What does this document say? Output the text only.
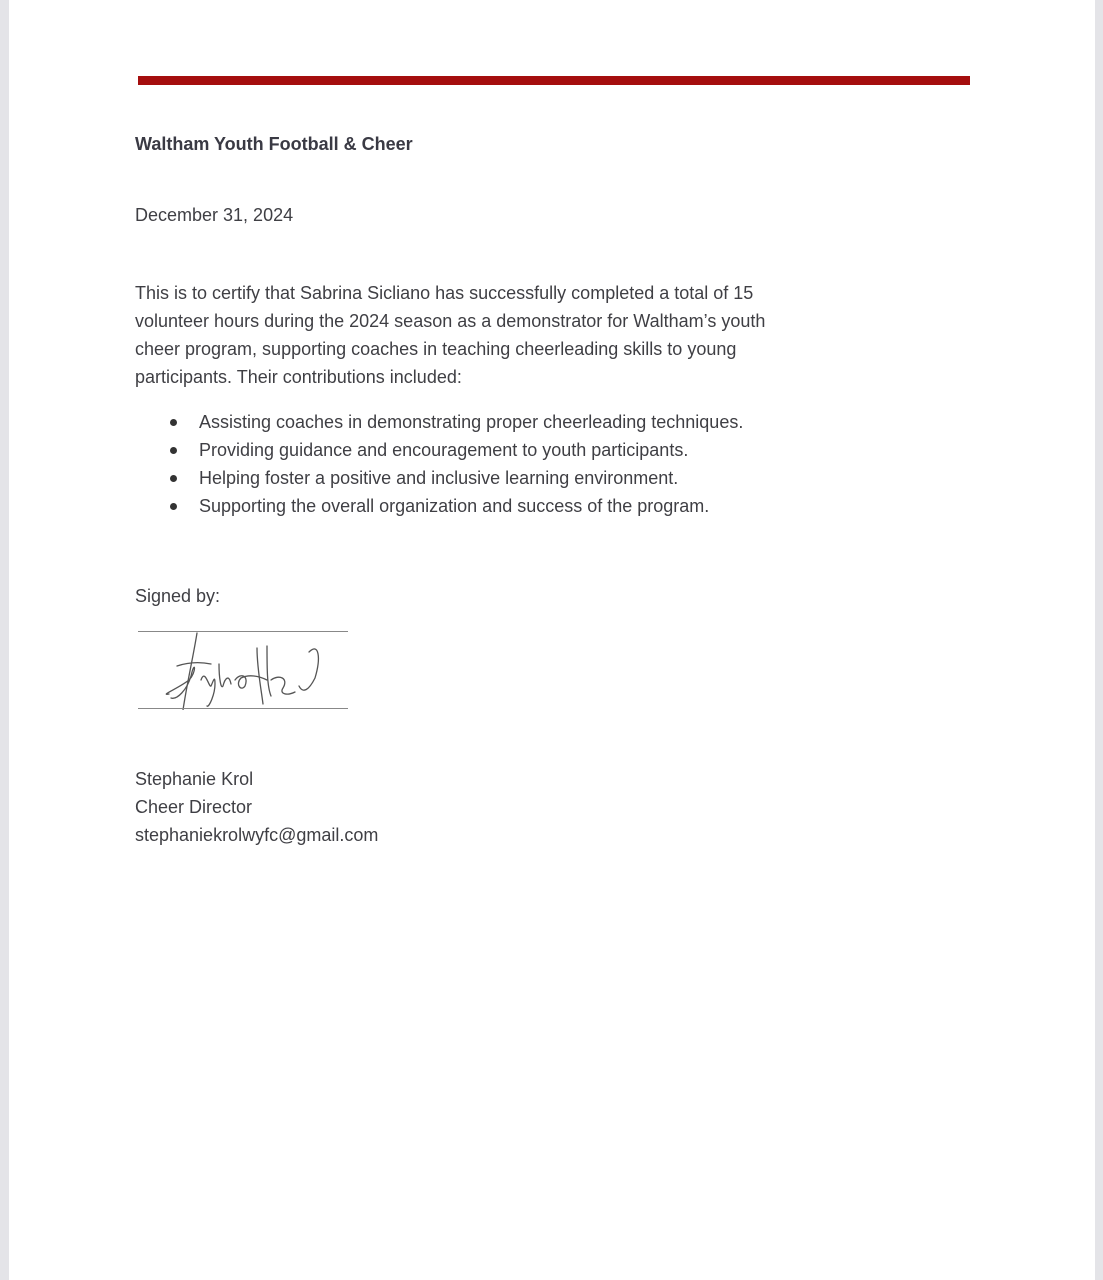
Waltham Youth Football & Cheer
December 31, 2024

This is to certify that Sabrina Sicliano has successfully completed a total of 15 volunteer hours during the 2024 season as a demonstrator for Waltham’s youth cheer program, supporting coaches in teaching cheerleading skills to young participants. Their contributions included:

Assisting coaches in demonstrating proper cheerleading techniques.
Providing guidance and encouragement to youth participants.
Helping foster a positive and inclusive learning environment.
Supporting the overall organization and success of the program.
Signed by:
Stephanie Krol
Cheer Director
stephaniekrolwyfc@gmail.com
